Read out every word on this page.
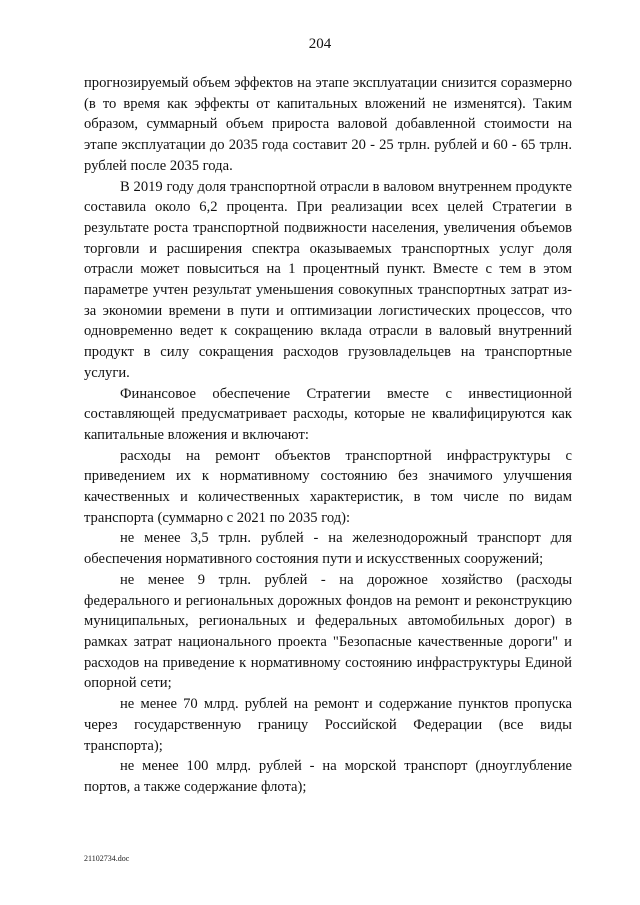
204

прогнозируемый объем эффектов на этапе эксплуатации снизится соразмерно (в то время как эффекты от капитальных вложений не изменятся). Таким образом, суммарный объем прироста валовой добавленной стоимости на этапе эксплуатации до 2035 года составит 20 - 25 трлн. рублей и 60 - 65 трлн. рублей после 2035 года.

В 2019 году доля транспортной отрасли в валовом внутреннем продукте составила около 6,2 процента. При реализации всех целей Стратегии в результате роста транспортной подвижности населения, увеличения объемов торговли и расширения спектра оказываемых транспортных услуг доля отрасли может повыситься на 1 процентный пункт. Вместе с тем в этом параметре учтен результат уменьшения совокупных транспортных затрат из-за экономии времени в пути и оптимизации логистических процессов, что одновременно ведет к сокращению вклада отрасли в валовый внутренний продукт в силу сокращения расходов грузовладельцев на транспортные услуги.

Финансовое обеспечение Стратегии вместе с инвестиционной составляющей предусматривает расходы, которые не квалифицируются как капитальные вложения и включают:

расходы на ремонт объектов транспортной инфраструктуры с приведением их к нормативному состоянию без значимого улучшения качественных и количественных характеристик, в том числе по видам транспорта (суммарно с 2021 по 2035 год):

не менее 3,5 трлн. рублей - на железнодорожный транспорт для обеспечения нормативного состояния пути и искусственных сооружений;

не менее 9 трлн. рублей - на дорожное хозяйство (расходы федерального и региональных дорожных фондов на ремонт и реконструкцию муниципальных, региональных и федеральных автомобильных дорог) в рамках затрат национального проекта "Безопасные качественные дороги" и расходов на приведение к нормативному состоянию инфраструктуры Единой опорной сети;

не менее 70 млрд. рублей на ремонт и содержание пунктов пропуска через государственную границу Российской Федерации (все виды транспорта);

не менее 100 млрд. рублей - на морской транспорт (дноуглубление портов, а также содержание флота);

21102734.doc
